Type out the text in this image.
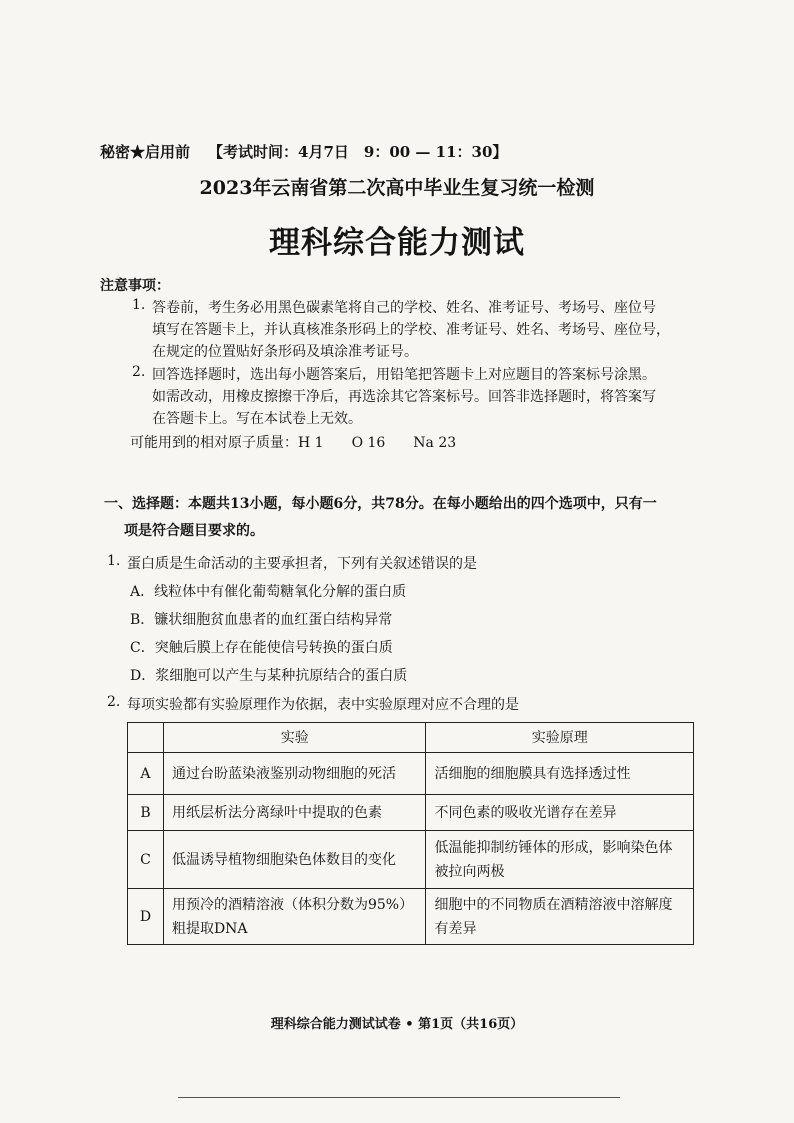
秘密★启用前 【考试时间：4月7日　9：00 — 11：30】
2023年云南省第二次高中毕业生复习统一检测
理科综合能力测试
注意事项：
1. 答卷前，考生务必用黑色碳素笔将自己的学校、姓名、准考证号、考场号、座位号
填写在答题卡上，并认真核准条形码上的学校、准考证号、姓名、考场号、座位号，
在规定的位置贴好条形码及填涂准考证号。
2. 回答选择题时，选出每小题答案后，用铅笔把答题卡上对应题目的答案标号涂黑。
如需改动，用橡皮擦擦干净后，再选涂其它答案标号。回答非选择题时，将答案写
在答题卡上。写在本试卷上无效。
可能用到的相对原子质量：H 1　　O 16　　Na 23
一、选择题：本题共13小题，每小题6分，共78分。在每小题给出的四个选项中，只有一
项是符合题目要求的。
1. 蛋白质是生命活动的主要承担者，下列有关叙述错误的是
A．线粒体中有催化葡萄糖氧化分解的蛋白质
B．镰状细胞贫血患者的血红蛋白结构异常
C．突触后膜上存在能使信号转换的蛋白质
D．浆细胞可以产生与某种抗原结合的蛋白质
2. 每项实验都有实验原理作为依据，表中实验原理对应不合理的是
	实验	实验原理
A	通过台盼蓝染液鉴别动物细胞的死活	活细胞的细胞膜具有选择透过性
B	用纸层析法分离绿叶中提取的色素	不同色素的吸收光谱存在差异
C	低温诱导植物细胞染色体数目的变化	低温能抑制纺锤体的形成，影响染色体被拉向两极
D	用预冷的酒精溶液（体积分数为95%）粗提取DNA	细胞中的不同物质在酒精溶液中溶解度有差异
理科综合能力测试试卷 • 第1页（共16页）
